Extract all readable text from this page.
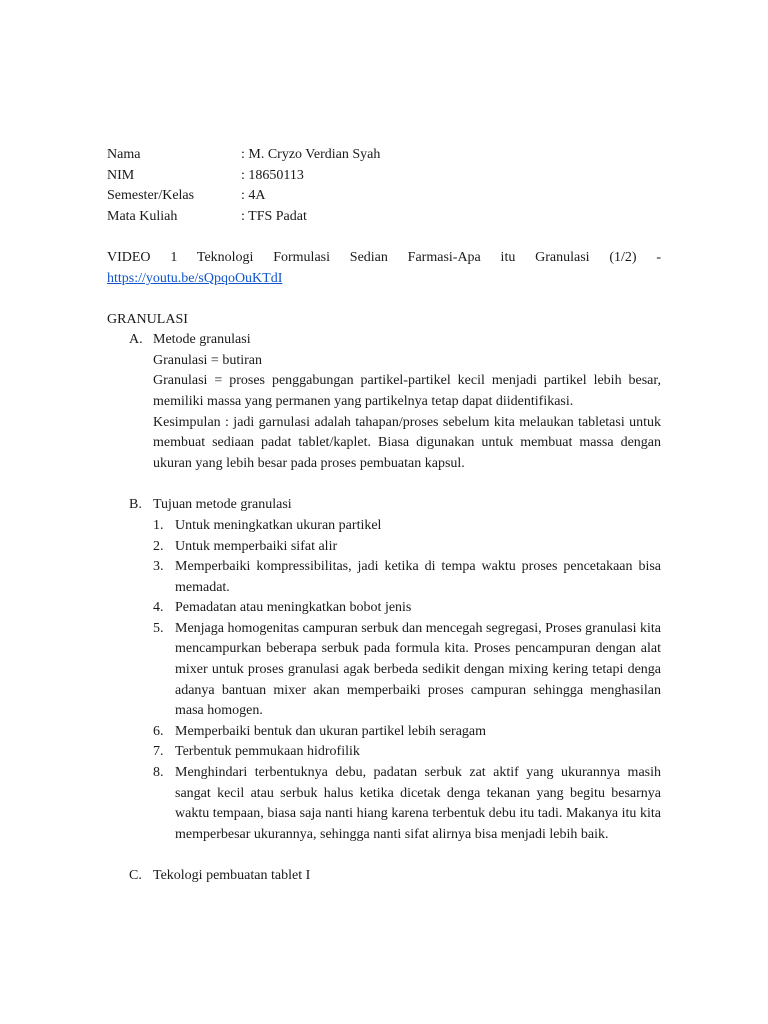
Nama	: M. Cryzo Verdian Syah
NIM	: 18650113
Semester/Kelas	: 4A
Mata Kuliah	: TFS Padat
VIDEO 1 Teknologi Formulasi Sedian Farmasi-Apa itu Granulasi (1/2) -
https://youtu.be/sQpqoOuKTdI
GRANULASI
A. Metode granulasi
Granulasi = butiran
Granulasi = proses penggabungan partikel-partikel kecil menjadi partikel lebih besar, memiliki massa yang permanen yang partikelnya tetap dapat diidentifikasi.
Kesimpulan : jadi garnulasi adalah tahapan/proses sebelum kita melaukan tabletasi untuk membuat sediaan padat tablet/kaplet. Biasa digunakan untuk membuat massa dengan ukuran yang lebih besar pada proses pembuatan kapsul.
B. Tujuan metode granulasi
1. Untuk meningkatkan ukuran partikel
2. Untuk memperbaiki sifat alir
3. Memperbaiki kompressibilitas, jadi ketika di tempa waktu proses pencetakaan bisa memadat.
4. Pemadatan atau meningkatkan bobot jenis
5. Menjaga homogenitas campuran serbuk dan mencegah segregasi, Proses granulasi kita mencampurkan beberapa serbuk pada formula kita. Proses pencampuran dengan alat mixer untuk proses granulasi agak berbeda sedikit dengan mixing kering tetapi denga adanya bantuan mixer akan memperbaiki proses campuran sehingga menghasilan masa homogen.
6. Memperbaiki bentuk dan ukuran partikel lebih seragam
7. Terbentuk pemmukaan hidrofilik
8. Menghindari terbentuknya debu, padatan serbuk zat aktif yang ukurannya masih sangat kecil atau serbuk halus ketika dicetak denga tekanan yang begitu besarnya waktu tempaan, biasa saja nanti hiang karena terbentuk debu itu tadi. Makanya itu kita memperbesar ukurannya, sehingga nanti sifat alirnya bisa menjadi lebih baik.
C. Tekologi pembuatan tablet I
